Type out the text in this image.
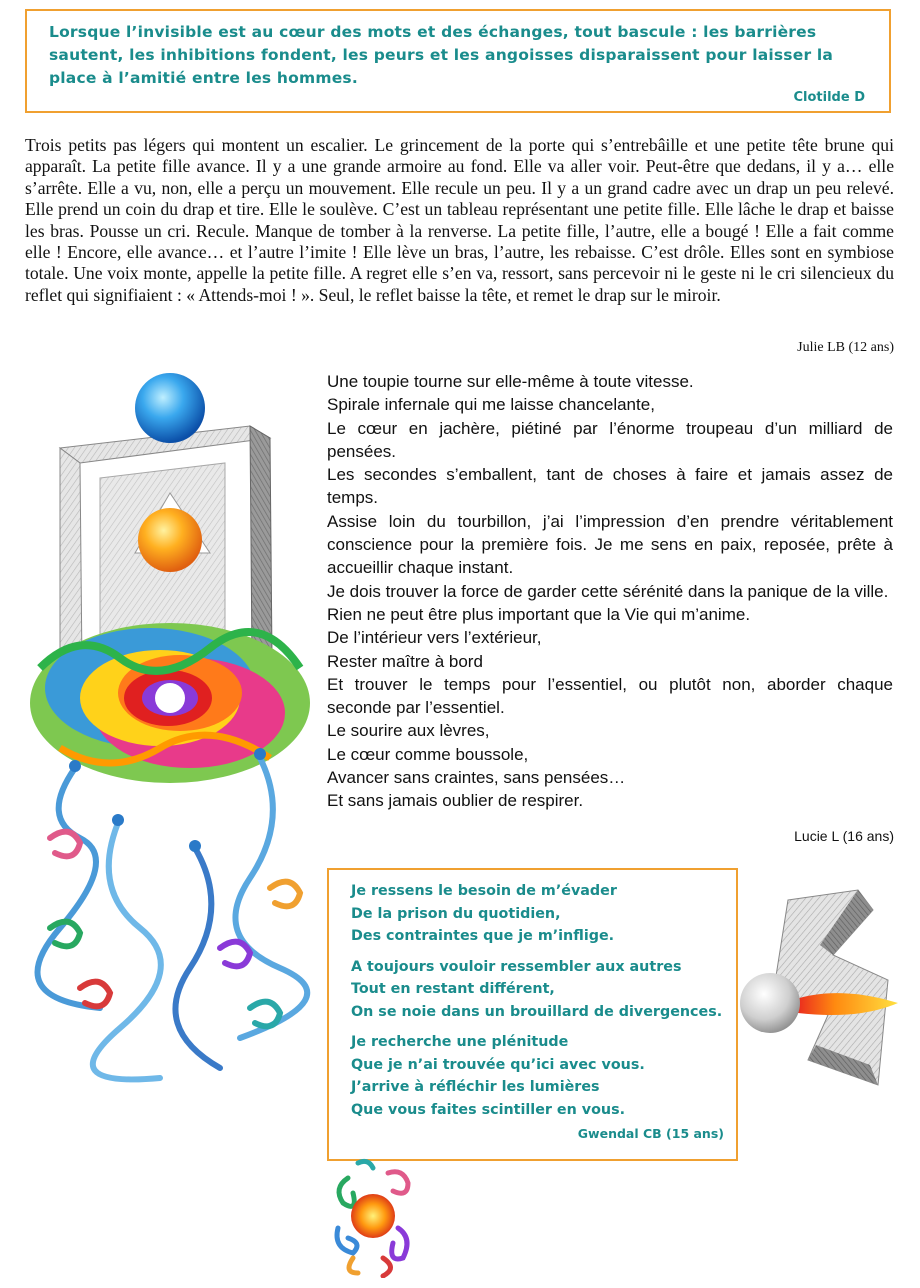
Lorsque l’invisible est au cœur des mots et des échanges, tout bascule : les barrières sautent, les inhibitions fondent, les peurs et les angoisses disparaissent pour laisser la place à l’amitié entre les hommes.

Clotilde D

Trois petits pas légers qui montent un escalier. Le grincement de la porte qui s’entrebâille et une petite tête brune qui apparaît. La petite fille avance. Il y a une grande armoire au fond. Elle va aller voir. Peut-être que dedans, il y a… elle s’arrête. Elle a vu, non, elle a perçu un mouvement. Elle recule un peu. Il y a un grand cadre avec un drap un peu relevé. Elle prend un coin du drap et tire. Elle le soulève. C’est un tableau représentant une petite fille. Elle lâche le drap et baisse les bras. Pousse un cri. Recule. Manque de tomber à la renverse. La petite fille, l’autre, elle a bougé ! Elle a fait comme elle ! Encore, elle avance… et l’autre l’imite ! Elle lève un bras, l’autre, les rebaisse. C’est drôle. Elles sont en symbiose totale. Une voix monte, appelle la petite fille. A regret elle s’en va, ressort, sans percevoir ni le geste ni le cri silencieux du reflet qui signifiaient : « Attends-moi ! ». Seul, le reflet baisse la tête, et remet le drap sur le miroir.

Julie LB (12 ans)

Une toupie tourne sur elle-même à toute vitesse.

Spirale infernale qui me laisse chancelante,

Le cœur en jachère, piétiné par l’énorme troupeau d’un milliard de pensées.

Les secondes s’emballent, tant de choses à faire et jamais assez de temps.

Assise loin du tourbillon, j’ai l’impression d’en prendre véritablement conscience pour la première fois. Je me sens en paix, reposée, prête à accueillir chaque instant.

Je dois trouver la force de garder cette sérénité dans la panique de la ville.

Rien ne peut être plus important que la Vie qui m’anime.

De l’intérieur vers l’extérieur,

Rester maître à bord

Et trouver le temps pour l’essentiel, ou plutôt non, aborder chaque seconde par l’essentiel.

Le sourire aux lèvres,

Le cœur comme boussole,

Avancer sans craintes, sans pensées…

Et sans jamais oublier de respirer.

Lucie L (16 ans)

Je ressens le besoin de m’évader
De la prison du quotidien,
Des contraintes que je m’inflige.
A toujours vouloir ressembler aux autres
Tout en restant différent,
On se noie dans un brouillard de divergences.
Je recherche une plénitude
Que je n’ai trouvée qu’ici avec vous.
J’arrive à réfléchir les lumières
Que vous faites scintiller en vous.

Gwendal CB (15 ans)
